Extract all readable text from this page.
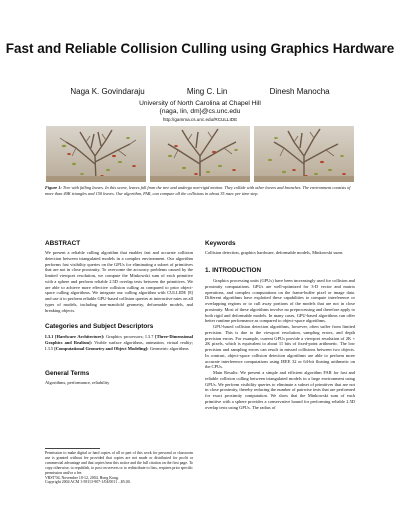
Fast and Reliable Collision Culling using Graphics Hardware
Naga K. Govindaraju	Ming C. Lin	Dinesh Manocha
University of North Carolina at Chapel Hill
{naga, lin, dm}@cs.unc.edu
http://gamma.cs.unc.edu/RCULLIDE
Figure 1: Tree with falling leaves. In this scene, leaves fall from the tree and undergo non-rigid motion. They collide with other leaves and branches. The environment consists of more than 40K triangles and 150 leaves. Our algorithm, FAR, can compute all the collisions in about 35 msec per time step.
ABSTRACT
We present a reliable culling algorithm that enables fast and accurate collision detection between triangulated models in a complex environment. Our algorithm performs fast visibility queries on the GPUs for eliminating a subset of primitives that are not in close proximity. To overcome the accuracy problems caused by the limited viewport resolution, we compute the Minkowski sum of each primitive with a sphere and perform reliable 2.5D overlap tests between the primitives. We are able to achieve more effective collision culling as compared to prior object-space culling algorithms. We integrate our culling algorithm with CULLIDE [8] and use it to perform reliable GPU-based collision queries at interactive rates on all types of models, including non-manifold geometry, deformable models, and breaking objects.
Categories and Subject Descriptors
I.3.1 [Hardware Architecture]: Graphics processors; I.3.7 [Three-Dimensional Graphics and Realism]: Visible surface algorithms, animation, virtual reality; I.3.5 [Computational Geometry and Object Modeling]: Geometric algorithms
General Terms
Algorithms, performance, reliability
Permission to make digital or hard copies of all or part of this work for personal or classroom use is granted without fee provided that copies are not made or distributed for profit or commercial advantage and that copies bear this notice and the full citation on the first page. To copy otherwise, to republish, to post on servers or to redistribute to lists, requires prior specific permission and/or a fee.
VRST'04, November 10-12, 2004, Hong Kong.
Copyright 2004 ACM 1-58113-907-1/04/0011 ...$5.00.
Keywords
Collision detection, graphics hardware, deformable models, Minkowski sums
1. INTRODUCTION
Graphics processing units (GPUs) have been increasingly used for collision and proximity computations. GPUs are well-optimized for 3-D vector and matrix operations, and complex computations on the frame-buffer pixel or image data. Different algorithms have exploited these capabilities to compute interference or overlapping regions or to cull away portions of the models that are not in close proximity. Most of these algorithms involve no preprocessing and therefore apply to both rigid and deformable models. In many cases, GPU-based algorithms can offer better runtime performance as compared to object-space algorithms.
GPU-based collision detection algorithms, however, often suffer from limited precision. This is due to the viewport resolution, sampling errors, and depth precision errors. For example, current GPUs provide a viewport resolution of 2K × 2K pixels, which is equivalent to about 11 bits of fixed-point arithmetic. The low precision and sampling errors can result in missed collisions between two objects. In contrast, object-space collision detection algorithms are able to perform more accurate interference computations using IEEE 32 or 64-bit floating arithmetic on the CPUs.
Main Results: We present a simple and efficient algorithm FAR for fast and reliable collision culling between triangulated models in a large environment using GPUs. We perform visibility queries to eliminate a subset of primitives that are not in close proximity, thereby reducing the number of pairwise tests that are performed for exact proximity computation. We show that the Minkowski sum of each primitive with a sphere provides a conservative bound for performing reliable 2.5D overlap tests using GPUs. The radius of
